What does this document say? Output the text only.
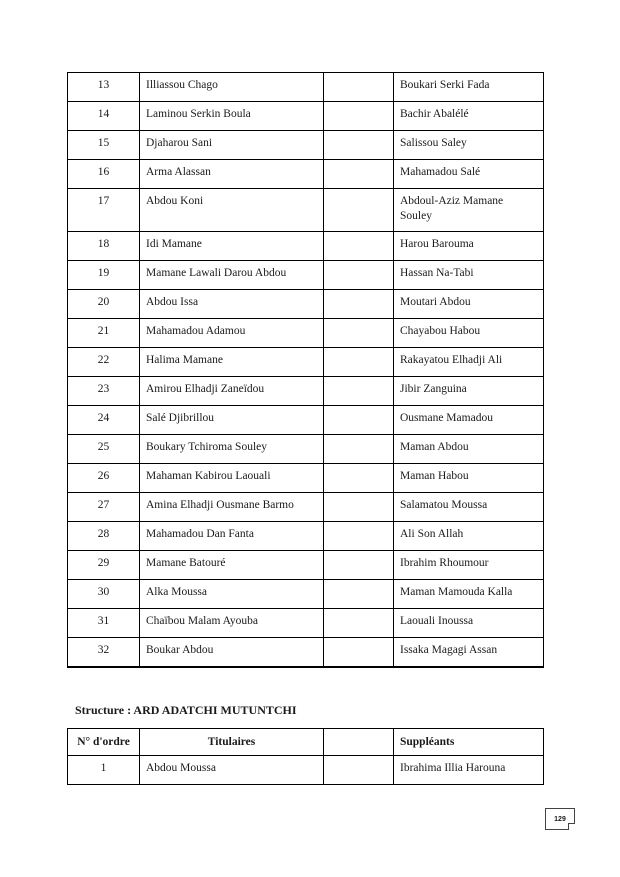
13	Illiassou Chago		Boukari Serki Fada
14	Laminou Serkin Boula		Bachir Abalélé
15	Djaharou Sani		Salissou Saley
16	Arma Alassan		Mahamadou Salé
17	Abdou Koni		Abdoul-Aziz Mamane Souley
18	Idi Mamane		Harou Barouma
19	Mamane Lawali Darou Abdou		Hassan Na-Tabi
20	Abdou Issa		Moutari Abdou
21	Mahamadou Adamou		Chayabou Habou
22	Halima Mamane		Rakayatou Elhadji Ali
23	Amirou Elhadji Zaneïdou		Jibir Zanguina
24	Salé Djibrillou		Ousmane Mamadou
25	Boukary Tchiroma Souley		Maman Abdou
26	Mahaman Kabirou Laouali		Maman Habou
27	Amina Elhadji Ousmane Barmo		Salamatou Moussa
28	Mahamadou Dan Fanta		Ali Son Allah
29	Mamane Batouré		Ibrahim Rhoumour
30	Alka Moussa		Maman Mamouda Kalla
31	Chaïbou Malam Ayouba		Laouali Inoussa
32	Boukar Abdou		Issaka Magagi Assan
Structure : ARD ADATCHI MUTUNTCHI
N° d'ordre	Titulaires		Suppléants
1	Abdou Moussa		Ibrahima Illia Harouna
129
